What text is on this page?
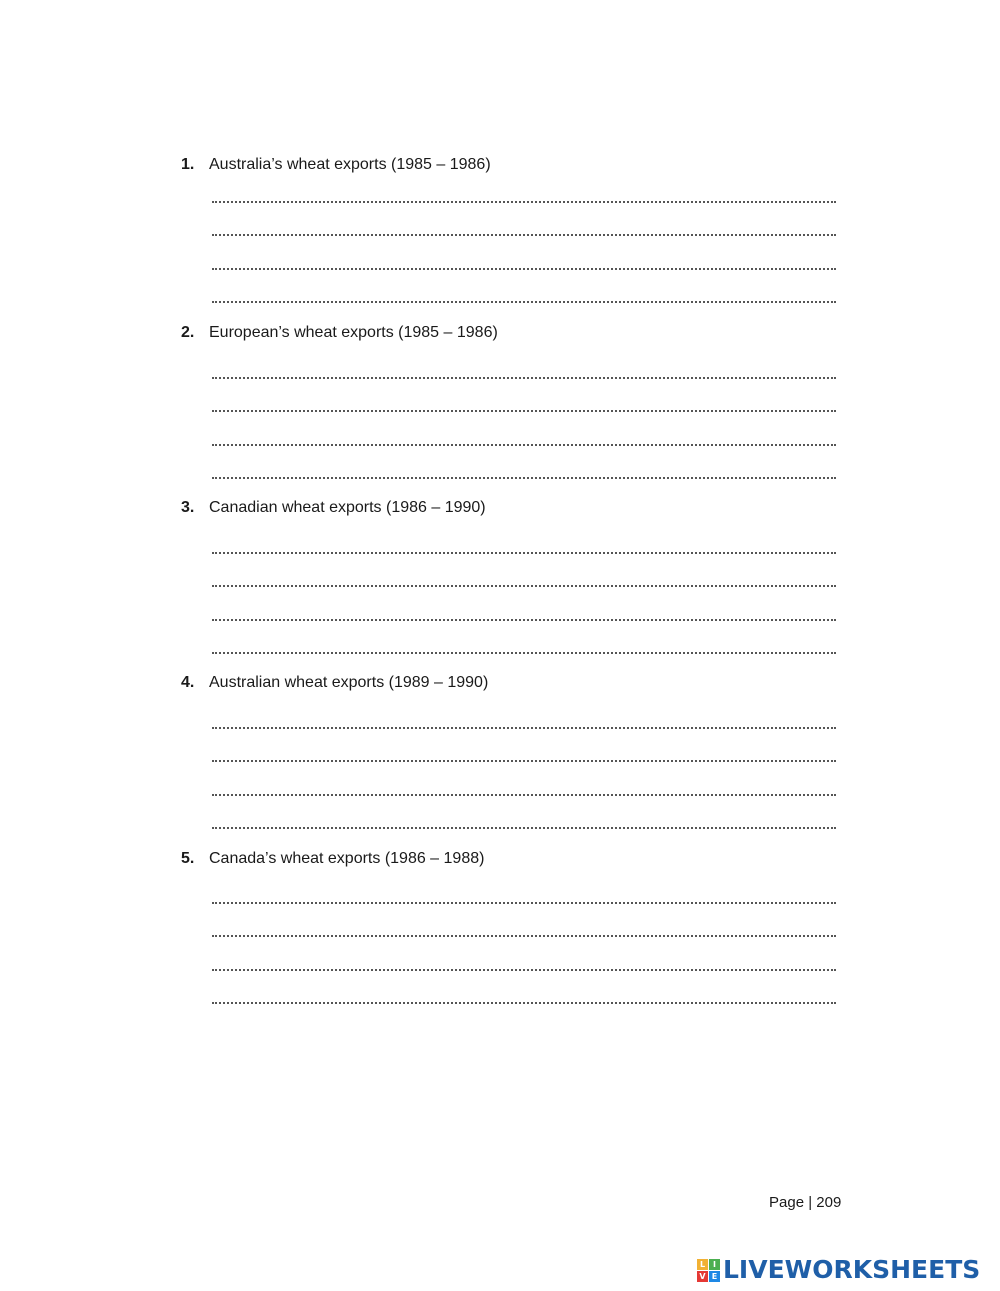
1. Australia’s wheat exports (1985 – 1986)
2. European’s wheat exports (1985 – 1986)
3. Canadian wheat exports (1986 – 1990)
4. Australian wheat exports (1989 – 1990)
5. Canada’s wheat exports (1986 – 1988)
Page | 209
L I
V E LIVEWORKSHEETS
